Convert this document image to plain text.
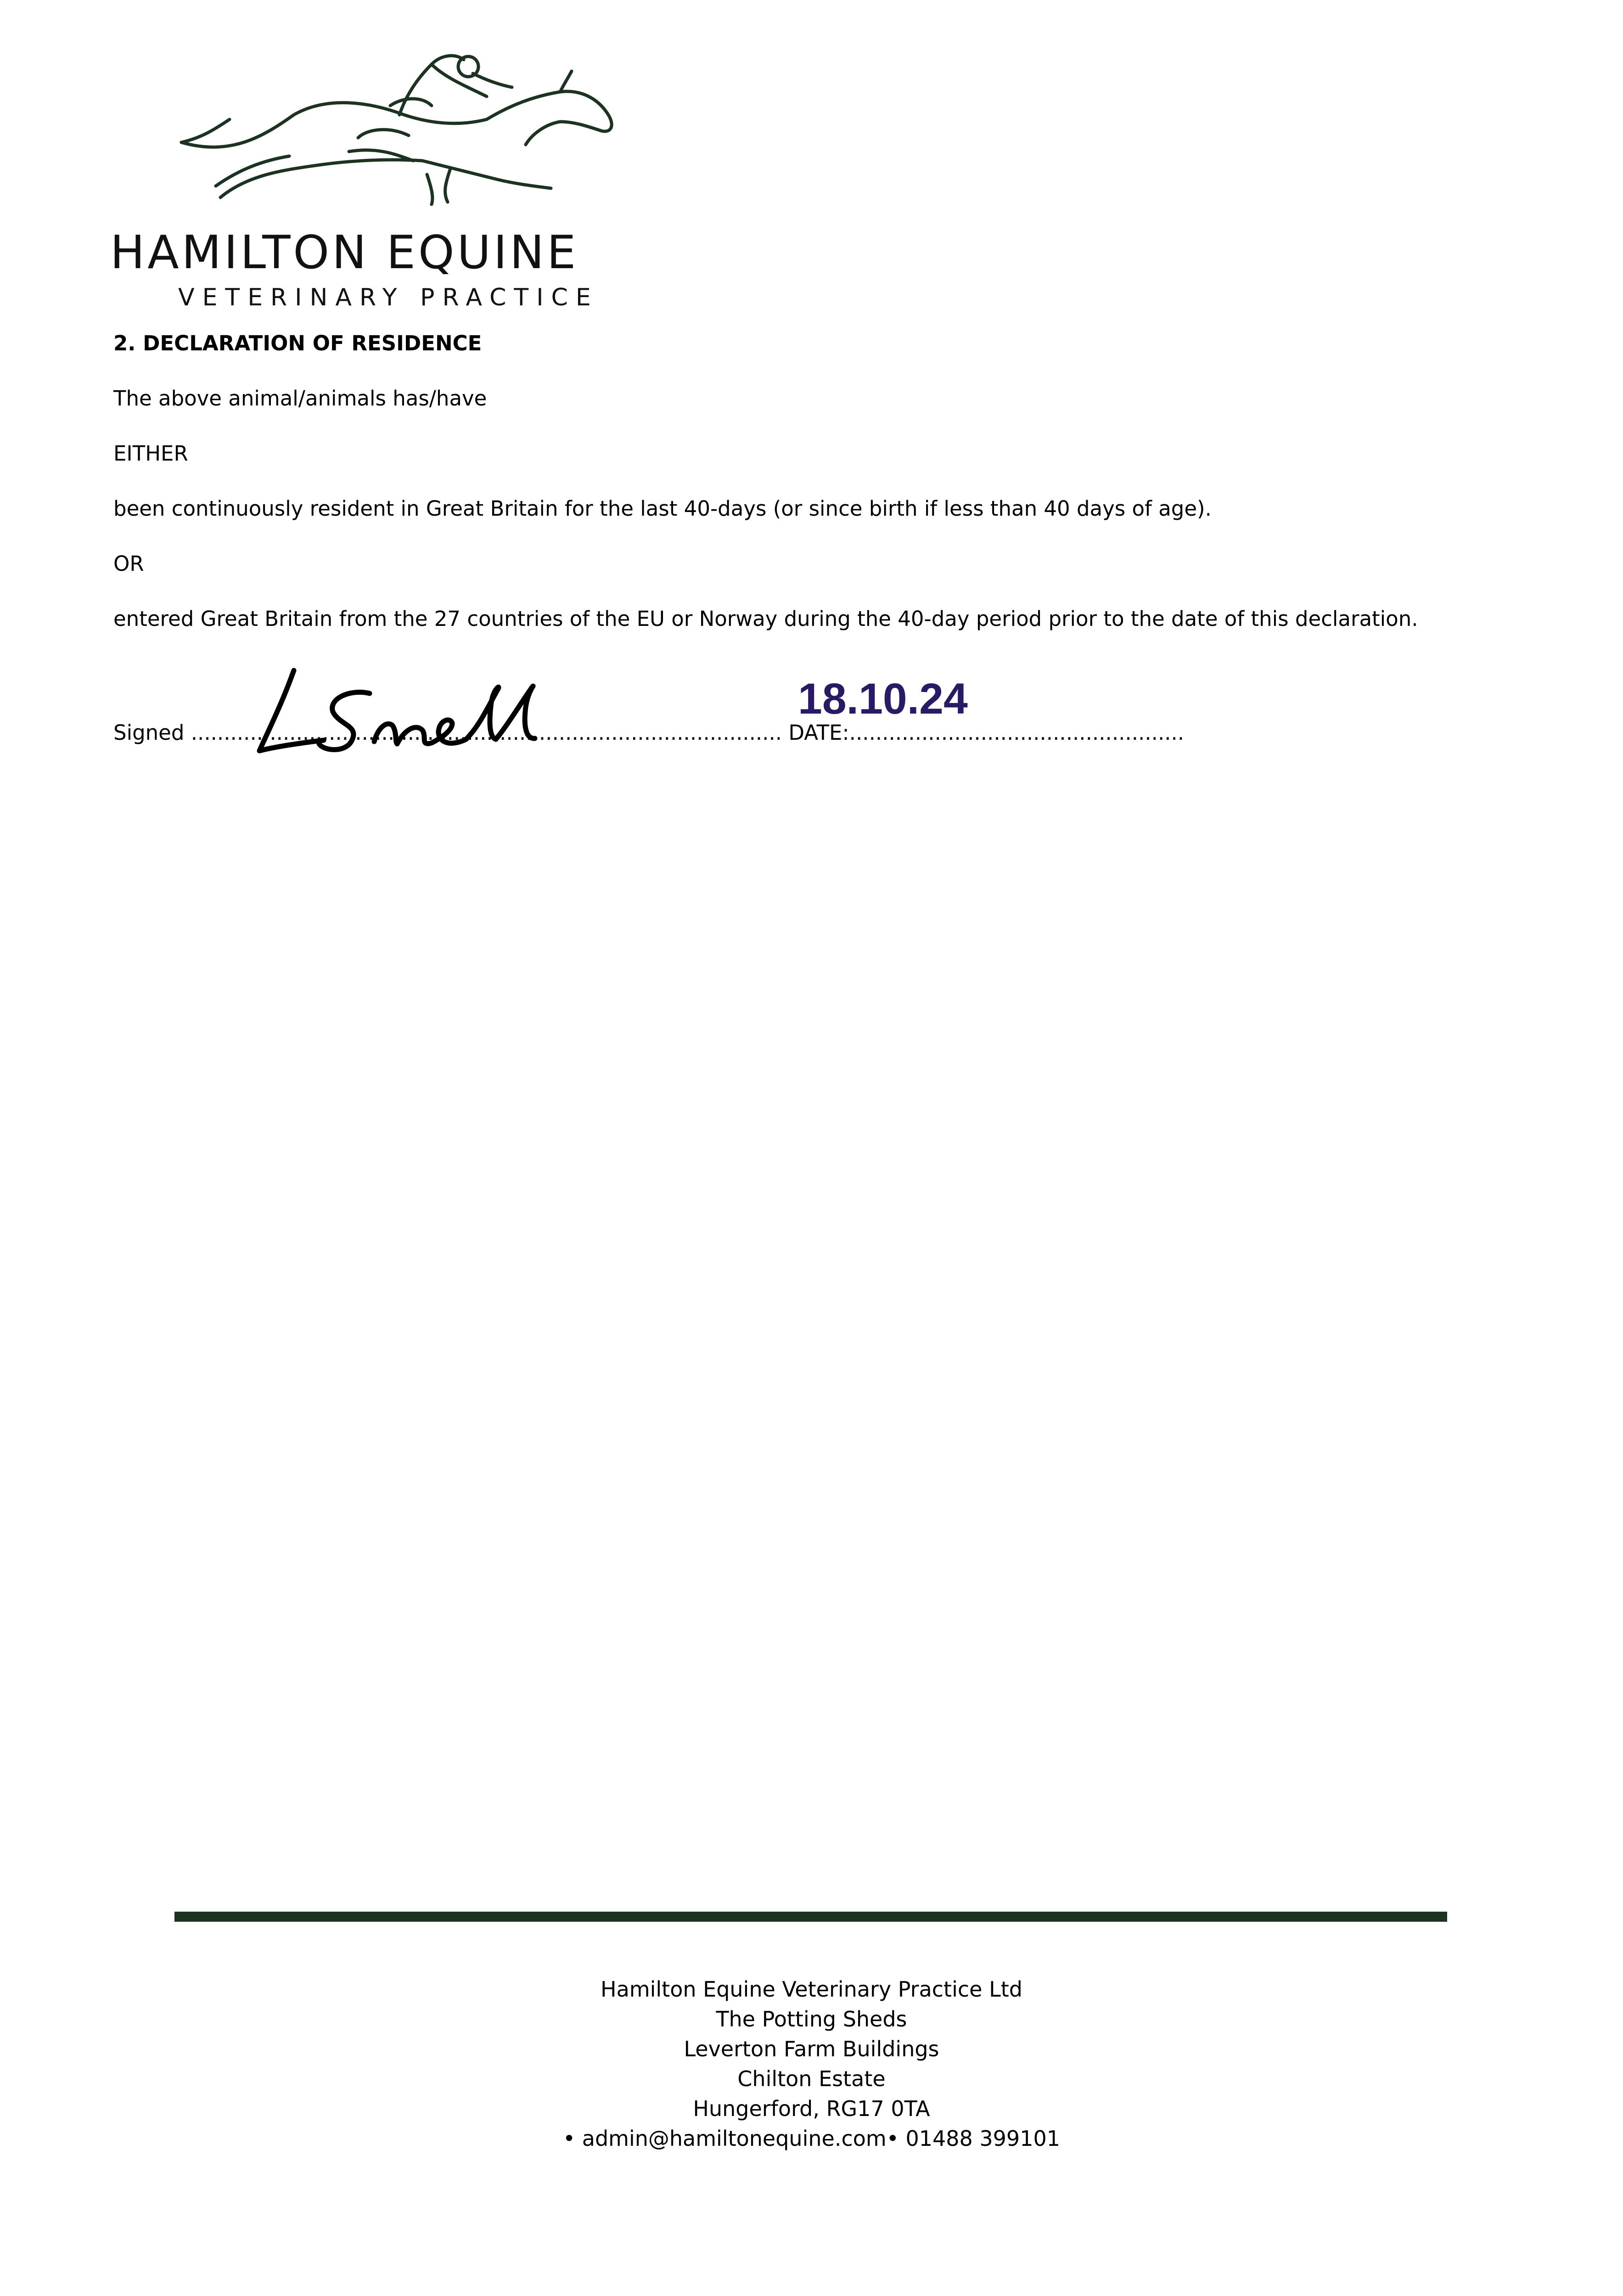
HAMILTON EQUINE
VETERINARY PRACTICE
2. DECLARATION OF RESIDENCE
The above animal/animals has/have
EITHER
been continuously resident in Great Britain for the last 40-days (or since birth if less than 40 days of age).
OR
entered Great Britain from the 27 countries of the EU or Norway during the 40-day period prior to the date of this declaration.
Signed .......................................................................................... DATE:...................................................
18.10.24
Hamilton Equine Veterinary Practice Ltd
The Potting Sheds
Leverton Farm Buildings
Chilton Estate
Hungerford, RG17 0TA
• admin@hamiltonequine.com• 01488 399101
